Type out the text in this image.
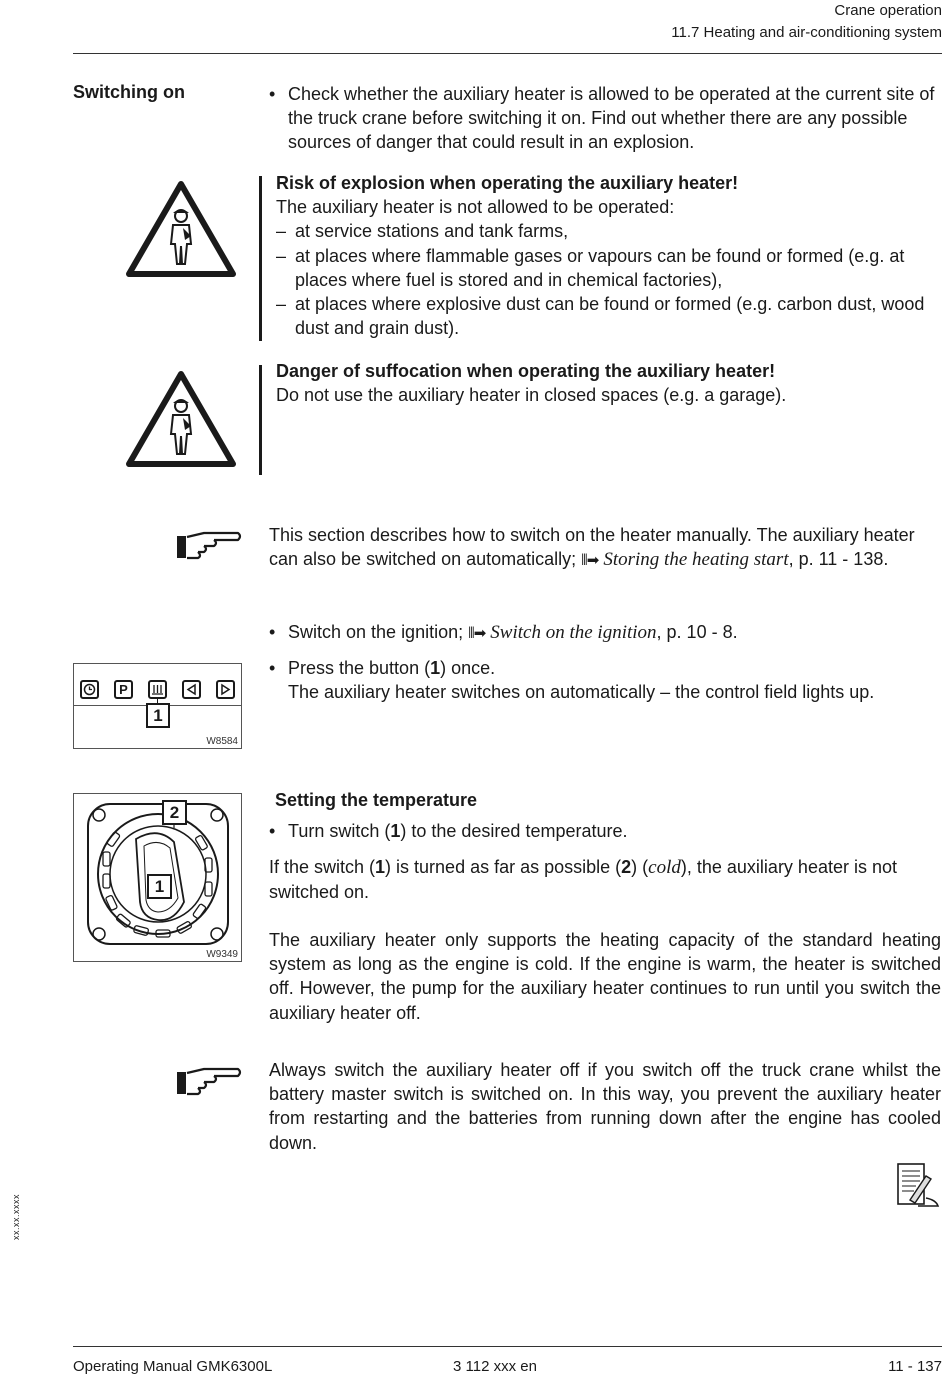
Crane operation
11.7 Heating and air-conditioning system
Switching on	• Check whether the auxiliary heater is allowed to be operated at the current site of the truck crane before switching it on. Find out whether there are any possible sources of danger that could result in an explosion.
Risk of explosion when operating the auxiliary heater!
The auxiliary heater is not allowed to be operated:
– at service stations and tank farms,
– at places where flammable gases or vapours can be found or formed (e.g. at places where fuel is stored and in chemical factories),
– at places where explosive dust can be found or formed (e.g. carbon dust, wood dust and grain dust).
Danger of suffocation when operating the auxiliary heater!
Do not use the auxiliary heater in closed spaces (e.g. a garage).
This section describes how to switch on the heater manually. The auxiliary heater can also be switched on automatically; ⦀➡ Storing the heating start, p. 11 - 138.
• Switch on the ignition; ⦀➡ Switch on the ignition, p. 10 - 8.
• Press the button (1) once.
The auxiliary heater switches on automatically – the control field lights up.
P
1
W8584
2
1
W9349
Setting the temperature
• Turn switch (1) to the desired temperature.
If the switch (1) is turned as far as possible (2) (cold), the auxiliary heater is not switched on.
The auxiliary heater only supports the heating capacity of the standard heating system as long as the engine is cold. If the engine is warm, the heater is switched off. However, the pump for the auxiliary heater continues to run until you switch the auxiliary heater off.
Always switch the auxiliary heater off if you switch off the truck crane whilst the battery master switch is switched on. In this way, you prevent the auxiliary heater from restarting and the batteries from running down after the engine has cooled down.
xx.xx.xxxx
Operating Manual GMK6300L	3 112 xxx en	11 - 137
